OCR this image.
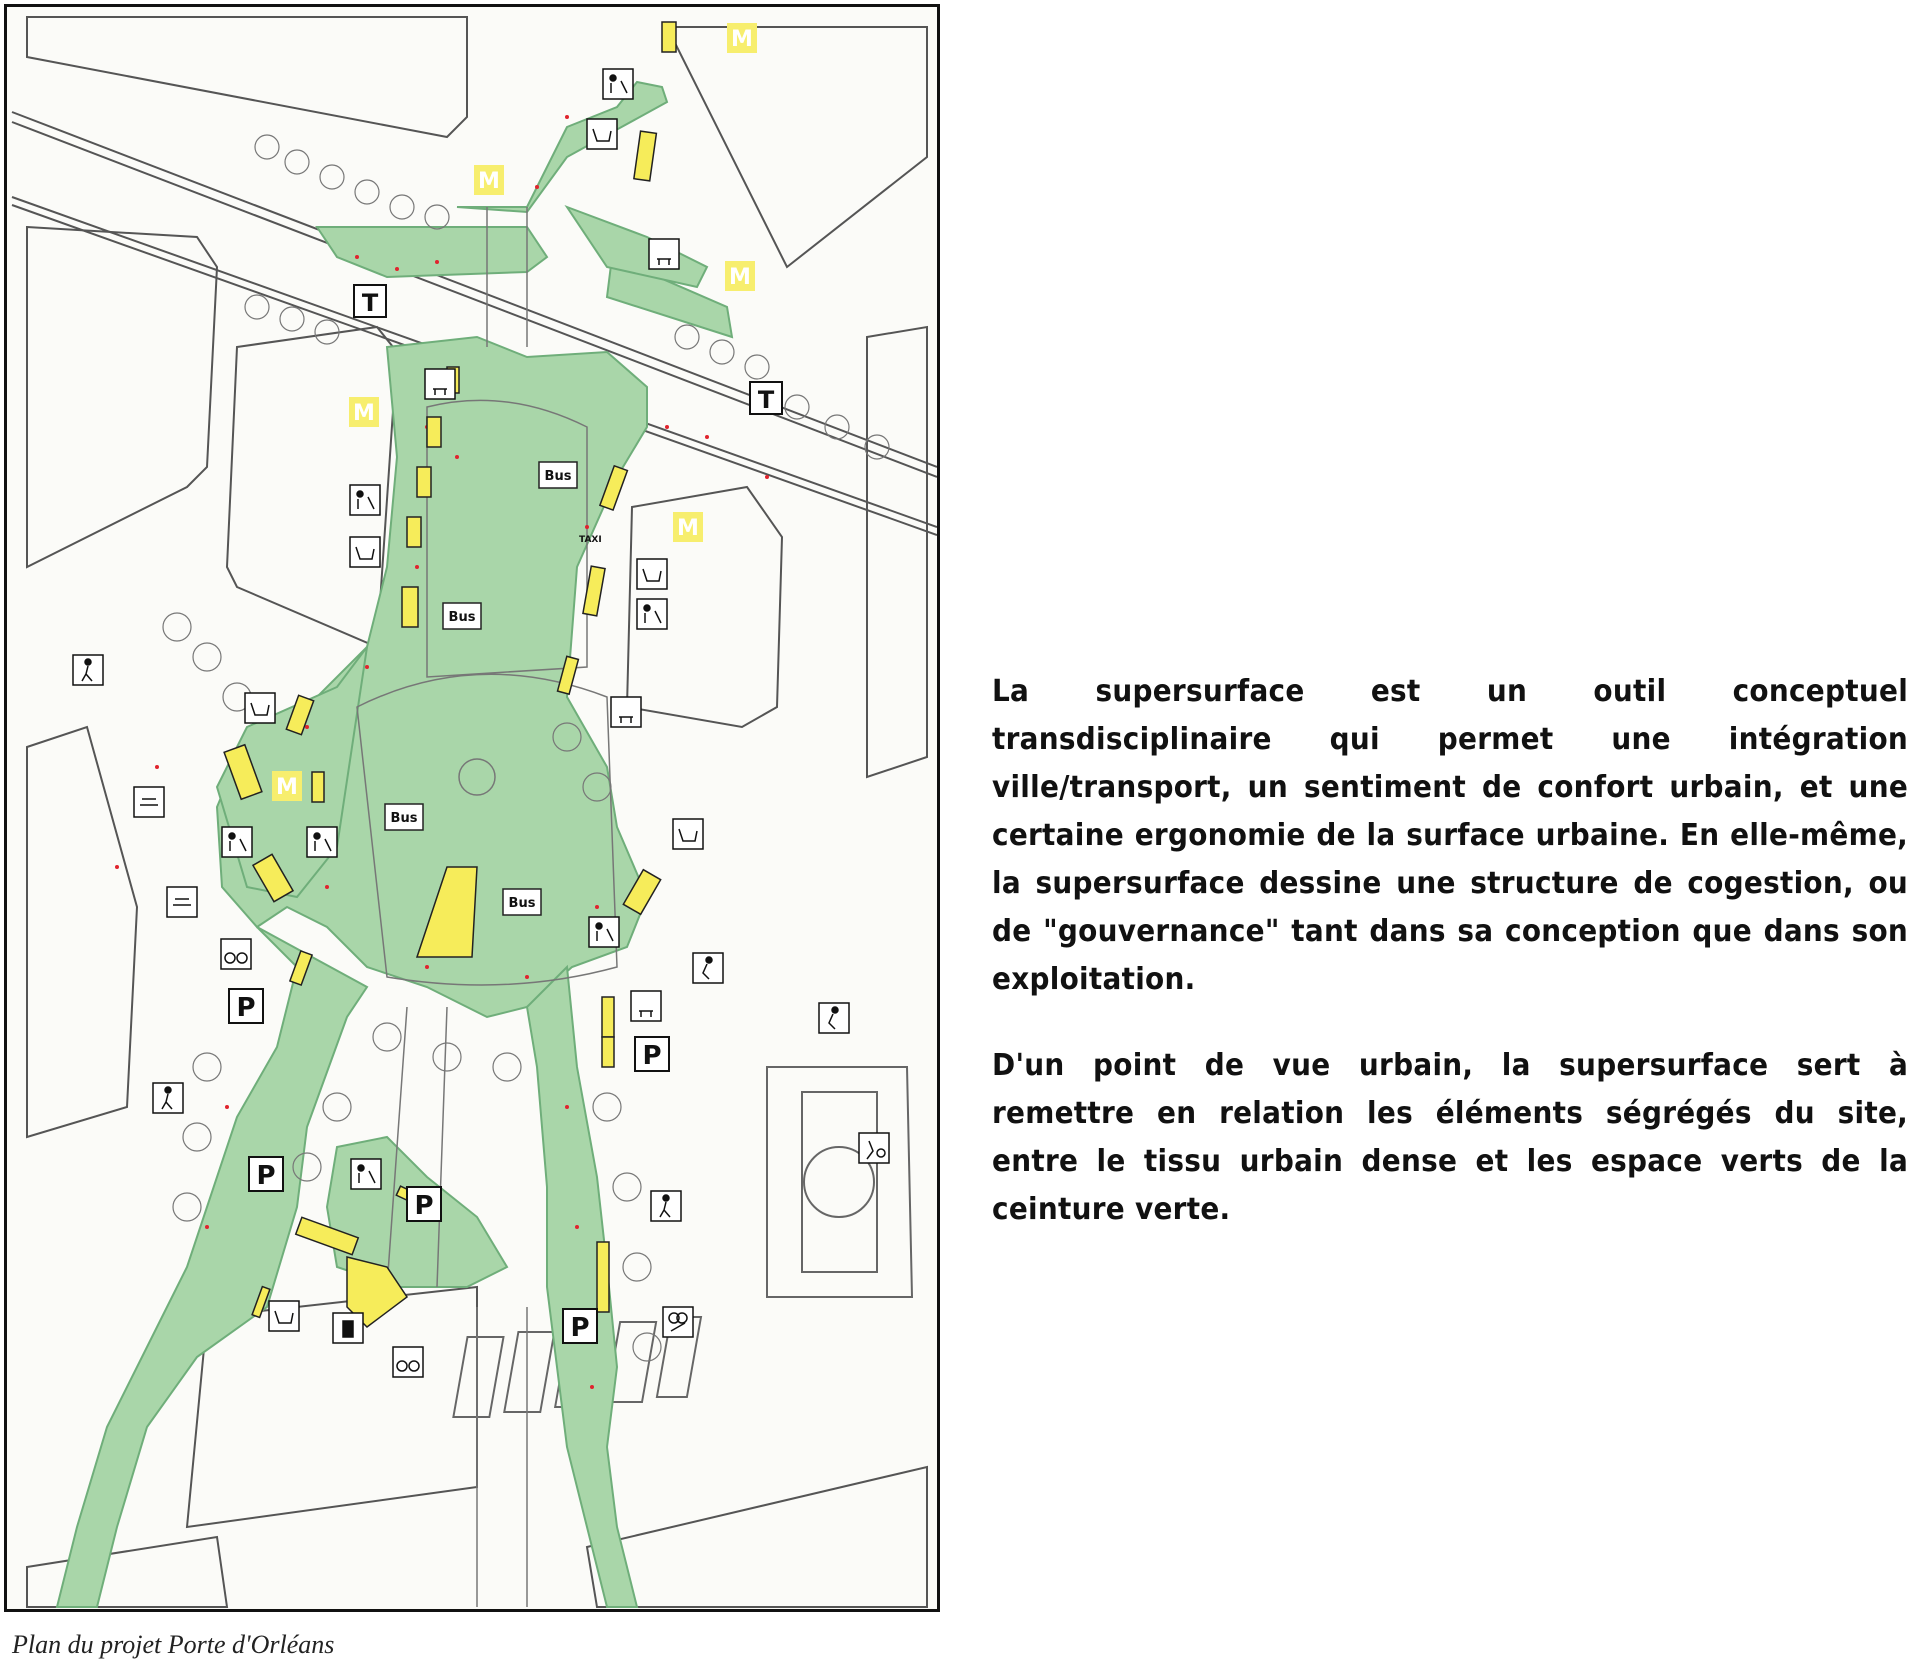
M
M
M
M
M
M
T
T
Bus
Bus
Bus
Bus
TAXI
P
P
P
P
P
Plan du projet Porte d'Orléans

La supersurface est un outil conceptuel transdisciplinaire qui permet une intégration ville/transport, un sentiment de confort urbain, et une certaine ergonomie de la surface urbaine. En elle-même, la supersurface dessine une structure de cogestion, ou de "gouvernance" tant dans sa conception que dans son exploitation.

D'un point de vue urbain, la supersurface sert à remettre en relation les éléments ségrégés du site, entre le tissu urbain dense et les espace verts de la ceinture verte.
